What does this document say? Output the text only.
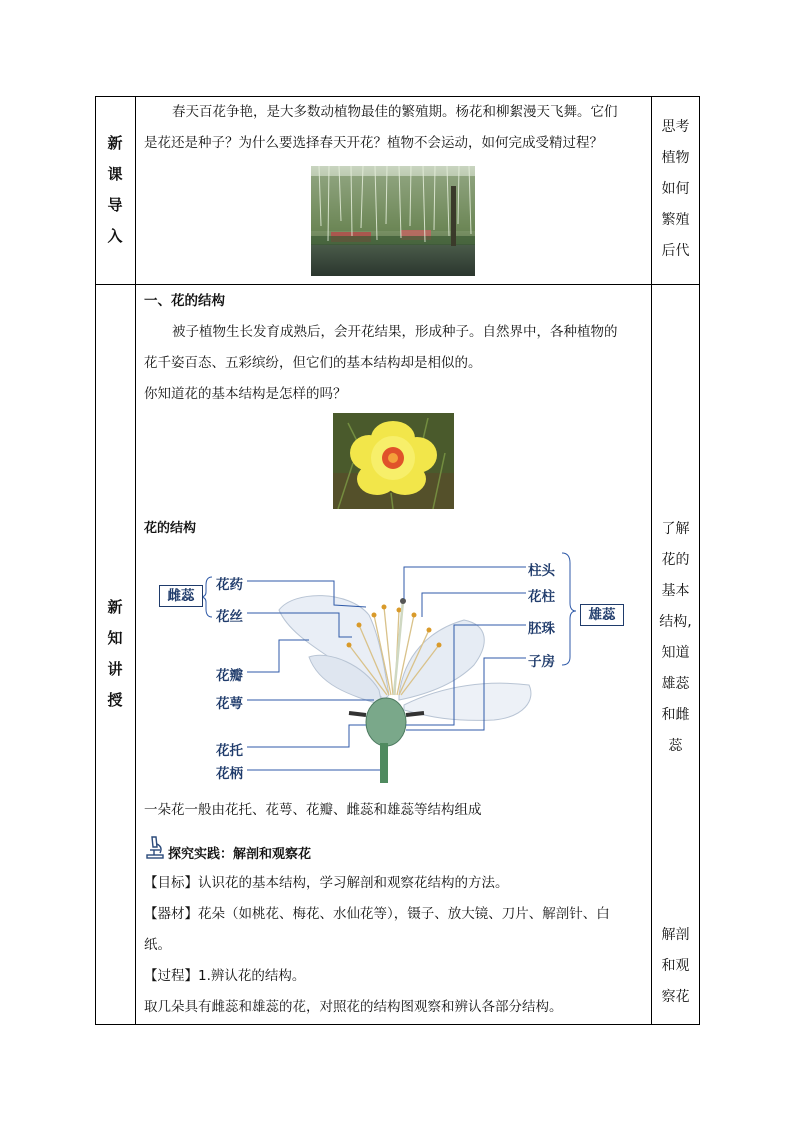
新
课
导
入
思考
植物
如何
繁殖
后代
春天百花争艳，是大多数动植物最佳的繁殖期。杨花和柳絮漫天飞舞。它们
是花还是种子？为什么要选择春天开花？植物不会运动，如何完成受精过程？
新
知
讲
授
了解
花的
基本
结构,
知道
雄蕊
和雌
蕊
解剖
和观
察花
一、花的结构
被子植物生长发育成熟后，会开花结果，形成种子。自然界中，各种植物的
花千姿百态、五彩缤纷，但它们的基本结构却是相似的。
你知道花的基本结构是怎样的吗？
花的结构
雌蕊
雄蕊
花药
花丝
花瓣
花萼
花托
花柄
柱头
花柱
胚珠
子房
一朵花一般由花托、花萼、花瓣、雌蕊和雄蕊等结构组成
探究实践：解剖和观察花
【目标】认识花的基本结构，学习解剖和观察花结构的方法。
【器材】花朵（如桃花、梅花、水仙花等），镊子、放大镜、刀片、解剖针、白
纸。
【过程】1.辨认花的结构。
取几朵具有雌蕊和雄蕊的花，对照花的结构图观察和辨认各部分结构。
